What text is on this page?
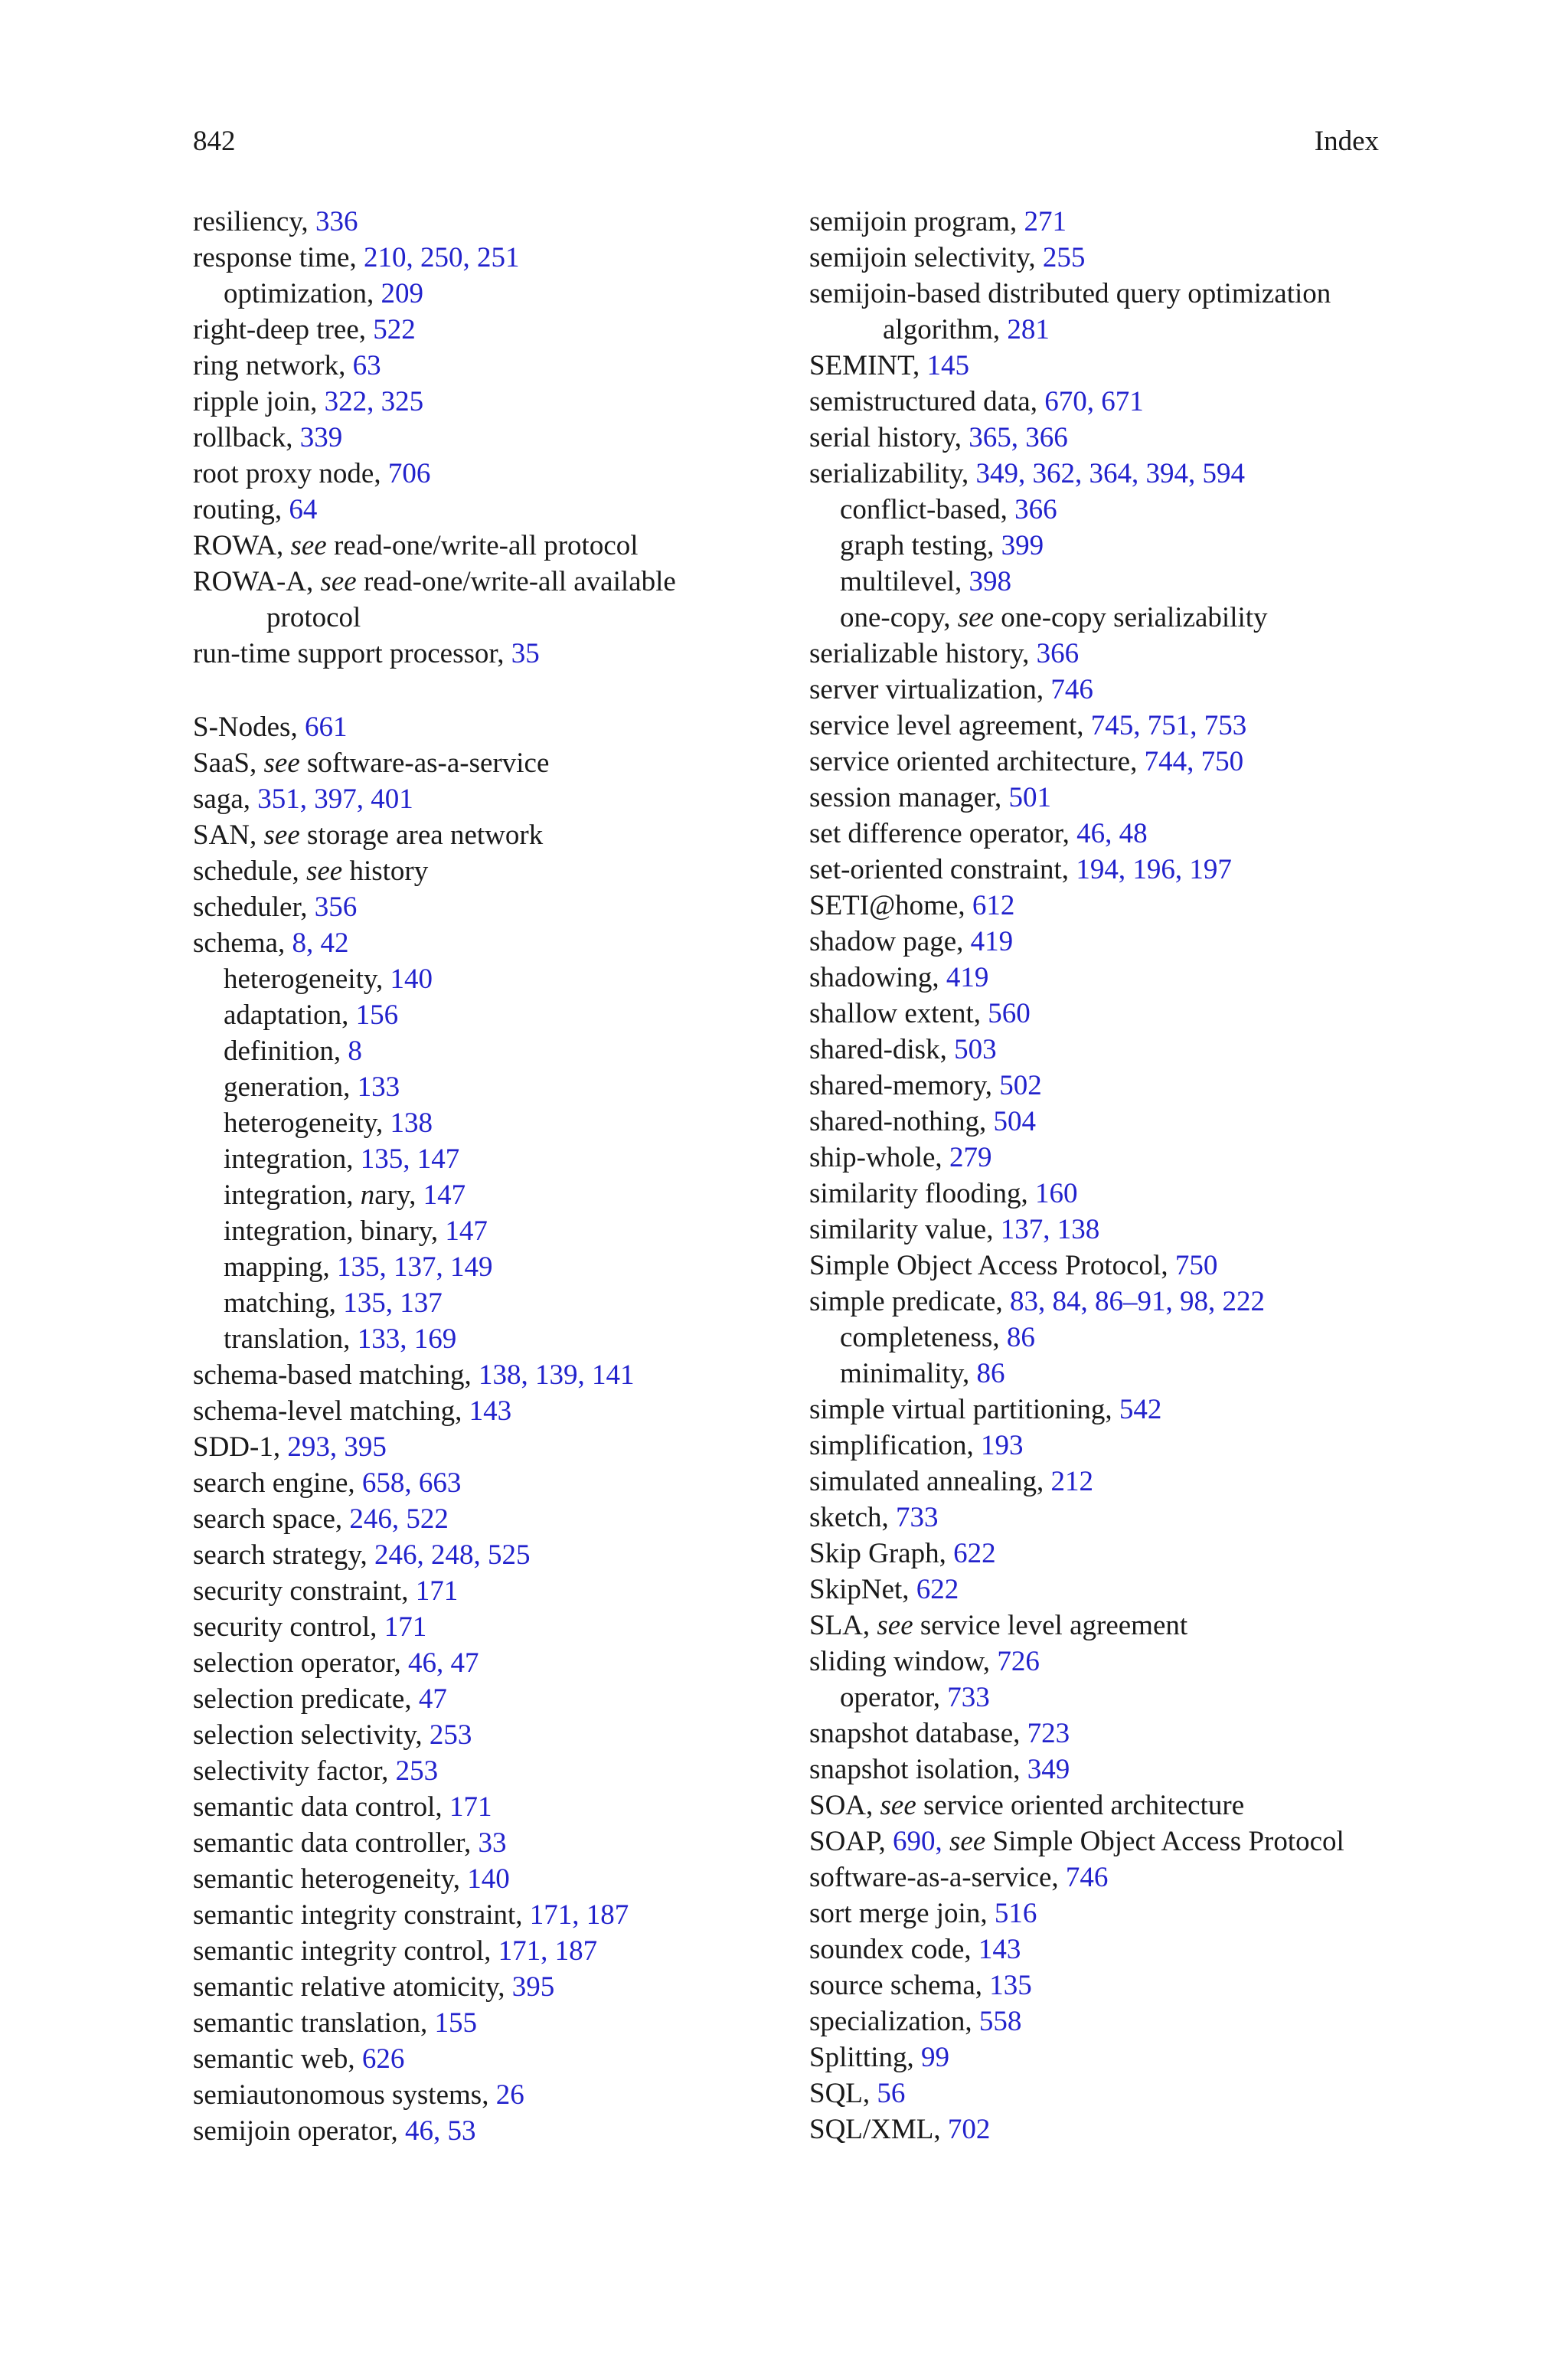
842	Index
resiliency, 336
response time, 210, 250, 251
optimization, 209
right-deep tree, 522
ring network, 63
ripple join, 322, 325
rollback, 339
root proxy node, 706
routing, 64
ROWA, see read-one/write-all protocol
ROWA-A, see read-one/write-all available
protocol
run-time support processor, 35
S-Nodes, 661
SaaS, see software-as-a-service
saga, 351, 397, 401
SAN, see storage area network
schedule, see history
scheduler, 356
schema, 8, 42
heterogeneity, 140
adaptation, 156
definition, 8
generation, 133
heterogeneity, 138
integration, 135, 147
integration, nary, 147
integration, binary, 147
mapping, 135, 137, 149
matching, 135, 137
translation, 133, 169
schema-based matching, 138, 139, 141
schema-level matching, 143
SDD-1, 293, 395
search engine, 658, 663
search space, 246, 522
search strategy, 246, 248, 525
security constraint, 171
security control, 171
selection operator, 46, 47
selection predicate, 47
selection selectivity, 253
selectivity factor, 253
semantic data control, 171
semantic data controller, 33
semantic heterogeneity, 140
semantic integrity constraint, 171, 187
semantic integrity control, 171, 187
semantic relative atomicity, 395
semantic translation, 155
semantic web, 626
semiautonomous systems, 26
semijoin operator, 46, 53
semijoin program, 271
semijoin selectivity, 255
semijoin-based distributed query optimization
algorithm, 281
SEMINT, 145
semistructured data, 670, 671
serial history, 365, 366
serializability, 349, 362, 364, 394, 594
conflict-based, 366
graph testing, 399
multilevel, 398
one-copy, see one-copy serializability
serializable history, 366
server virtualization, 746
service level agreement, 745, 751, 753
service oriented architecture, 744, 750
session manager, 501
set difference operator, 46, 48
set-oriented constraint, 194, 196, 197
SETI@home, 612
shadow page, 419
shadowing, 419
shallow extent, 560
shared-disk, 503
shared-memory, 502
shared-nothing, 504
ship-whole, 279
similarity flooding, 160
similarity value, 137, 138
Simple Object Access Protocol, 750
simple predicate, 83, 84, 86–91, 98, 222
completeness, 86
minimality, 86
simple virtual partitioning, 542
simplification, 193
simulated annealing, 212
sketch, 733
Skip Graph, 622
SkipNet, 622
SLA, see service level agreement
sliding window, 726
operator, 733
snapshot database, 723
snapshot isolation, 349
SOA, see service oriented architecture
SOAP, 690, see Simple Object Access Protocol
software-as-a-service, 746
sort merge join, 516
soundex code, 143
source schema, 135
specialization, 558
Splitting, 99
SQL, 56
SQL/XML, 702
